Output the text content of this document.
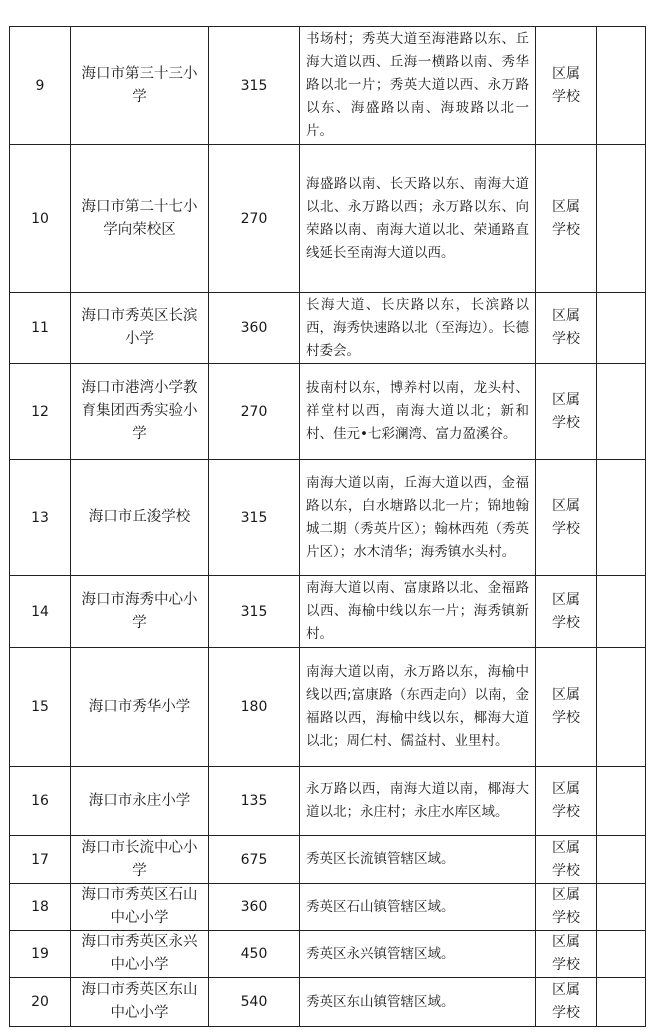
9	海口市第三十三小学	315	书场村；秀英大道至海港路以东、丘海大道以西、丘海一横路以南、秀华路以北一片；秀英大道以西、永万路以东、海盛路以南、海玻路以北一片。	区属学校	
10	海口市第二十七小学向荣校区	270	海盛路以南、长天路以东、南海大道以北、永万路以西；永万路以东、向荣路以南、南海大道以北、荣通路直线延长至南海大道以西。	区属学校	
11	海口市秀英区长滨小学	360	长海大道、长庆路以东，长滨路以西，海秀快速路以北（至海边）。长德村委会。	区属学校	
12	海口市港湾小学教育集团西秀实验小学	270	拔南村以东，博养村以南，龙头村、祥堂村以西，南海大道以北；新和村、佳元•七彩澜湾、富力盈溪谷。	区属学校	
13	海口市丘浚学校	315	南海大道以南，丘海大道以西，金福路以东，白水塘路以北一片；锦地翰城二期（秀英片区）；翰林西苑（秀英片区）；水木清华；海秀镇水头村。	区属学校	
14	海口市海秀中心小学	315	南海大道以南、富康路以北、金福路以西、海榆中线以东一片；海秀镇新村。	区属学校	
15	海口市秀华小学	180	南海大道以南，永万路以东，海榆中线以西;富康路（东西走向）以南，金福路以西，海榆中线以东，椰海大道以北；周仁村、儒益村、业里村。	区属学校	
16	海口市永庄小学	135	永万路以西，南海大道以南，椰海大道以北；永庄村；永庄水库区域。	区属学校	
17	海口市长流中心小学	675	秀英区长流镇管辖区域。	区属学校	
18	海口市秀英区石山中心小学	360	秀英区石山镇管辖区域。	区属学校	
19	海口市秀英区永兴中心小学	450	秀英区永兴镇管辖区域。	区属学校	
20	海口市秀英区东山中心小学	540	秀英区东山镇管辖区域。	区属学校	
